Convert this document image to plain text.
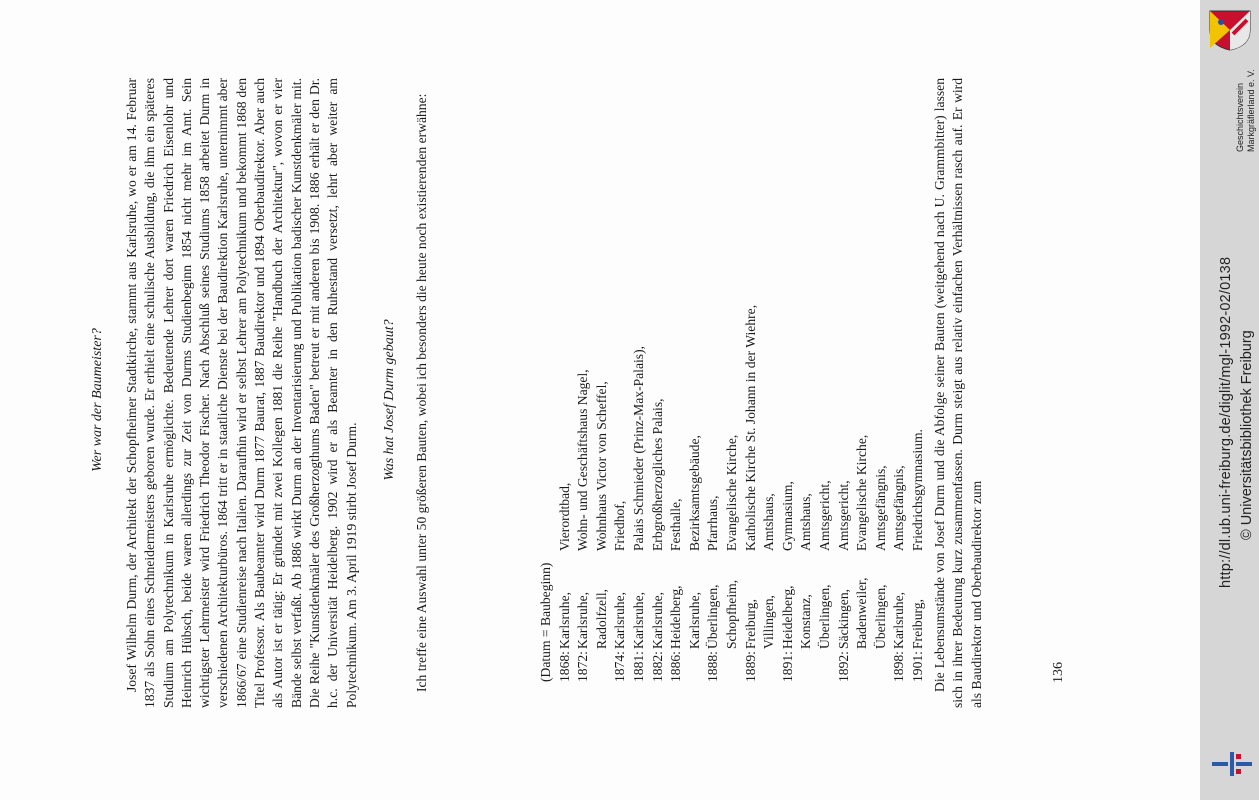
Wer war der Baumeister? Josef Wilhelm Durm, der Architekt der Schopfheimer Stadtkirche, stammt aus Karlsruhe, wo er am 14. Februar 1837 als Sohn eines Schneidermeisters geboren wurde. Er erhielt eine schulische Ausbildung, die ihm ein späteres Studium am Polytechnikum in Karlsruhe ermöglichte. Bedeutende Lehrer dort waren Friedrich Eisenlohr und Heinrich Hübsch, beide waren allerdings zur Zeit von Durms Studienbeginn 1854 nicht mehr im Amt. Sein wichtigster Lehrmeister wird Friedrich Theodor Fischer. Nach Abschluß seines Studiums 1858 arbeitet Durm in verschiedenen Architekturbüros. 1864 tritt er in staatliche Dienste bei der Baudirektion Karlsruhe, unternimmt aber 1866/67 eine Studienreise nach Italien. Daraufhin wird er selbst Lehrer am Polytechnikum und bekommt 1868 den Titel Professor. Als Baubeamter wird Durm 1877 Baurat, 1887 Baudirektor und 1894 Oberbaudirektor. Aber auch als Autor ist er tätig: Er gründet mit zwei Kollegen 1881 die Reihe "Handbuch der Architektur", wovon er vier Bände selbst verfaßt. Ab 1886 wirkt Durm an der Inventarisierung und Publikation badischer Kunstdenkmäler mit. Die Reihe "Kunstdenkmäler des Großherzogthums Baden" betreut er mit anderen bis 1908. 1886 erhält er den Dr. h.c. der Universität Heidelberg. 1902 wird er als Beamter in den Ruhestand versetzt, lehrt aber weiter am Polytechnikum. Am 3. April 1919 stirbt Josef Durm.

Was hat Josef Durm gebaut? Ich treffe eine Auswahl unter 50 größeren Bauten, wobei ich besonders die heute noch existierenden erwähne:	(Datum = Baubeginn) 1868:
Karlsruhe,
Vierordtbad,
1872:
Karlsruhe,
Wohn- und Geschäftshaus Nagel,
Radolfzell,
Wohnhaus Victor von Scheffel,
1874:
Karlsruhe,
Friedhof,
1881:
Karlsruhe,
Palais Schmieder (Prinz-Max-Palais),
1882:
Karlsruhe,
Erbgroßherzogliches Palais,
1886:
Heidelberg,
Festhalle,
Karlsruhe,
Bezirksamtsgebäude,
1888:
Überlingen,
Pfarrhaus,
Schopfheim,
Evangelische Kirche,
1889:
Freiburg,
Katholische Kirche St. Johann in der Wiehre,
Villingen,
Amtshaus,
1891:
Heidelberg,
Gymnasium,
Konstanz,
Amtshaus,
Überlingen,
Amtsgericht,
1892:
Säckingen,
Amtsgericht,
Badenweiler,
Evangelische Kirche,
Überlingen,
Amtsgefängnis,
1898:
Karlsruhe,
Amtsgefängnis,
1901:
Freiburg,
Friedrichsgymnasium. Die Lebensumstände von Josef Durm und die Abfolge seiner Bauten (weitgehend nach U. Grammbitter) lassen sich in ihrer Bedeutung kurz zusammenfassen. Durm steigt aus relativ einfachen Verhältnissen rasch auf. Er wird als Baudirektor und Oberbaudirektor zum	136
Geschichtsverein Markgräflerland e. V.
http://dl.ub.uni-freiburg.de/diglit/mgl-1992-02/0138 © Universitätsbibliothek Freiburg
